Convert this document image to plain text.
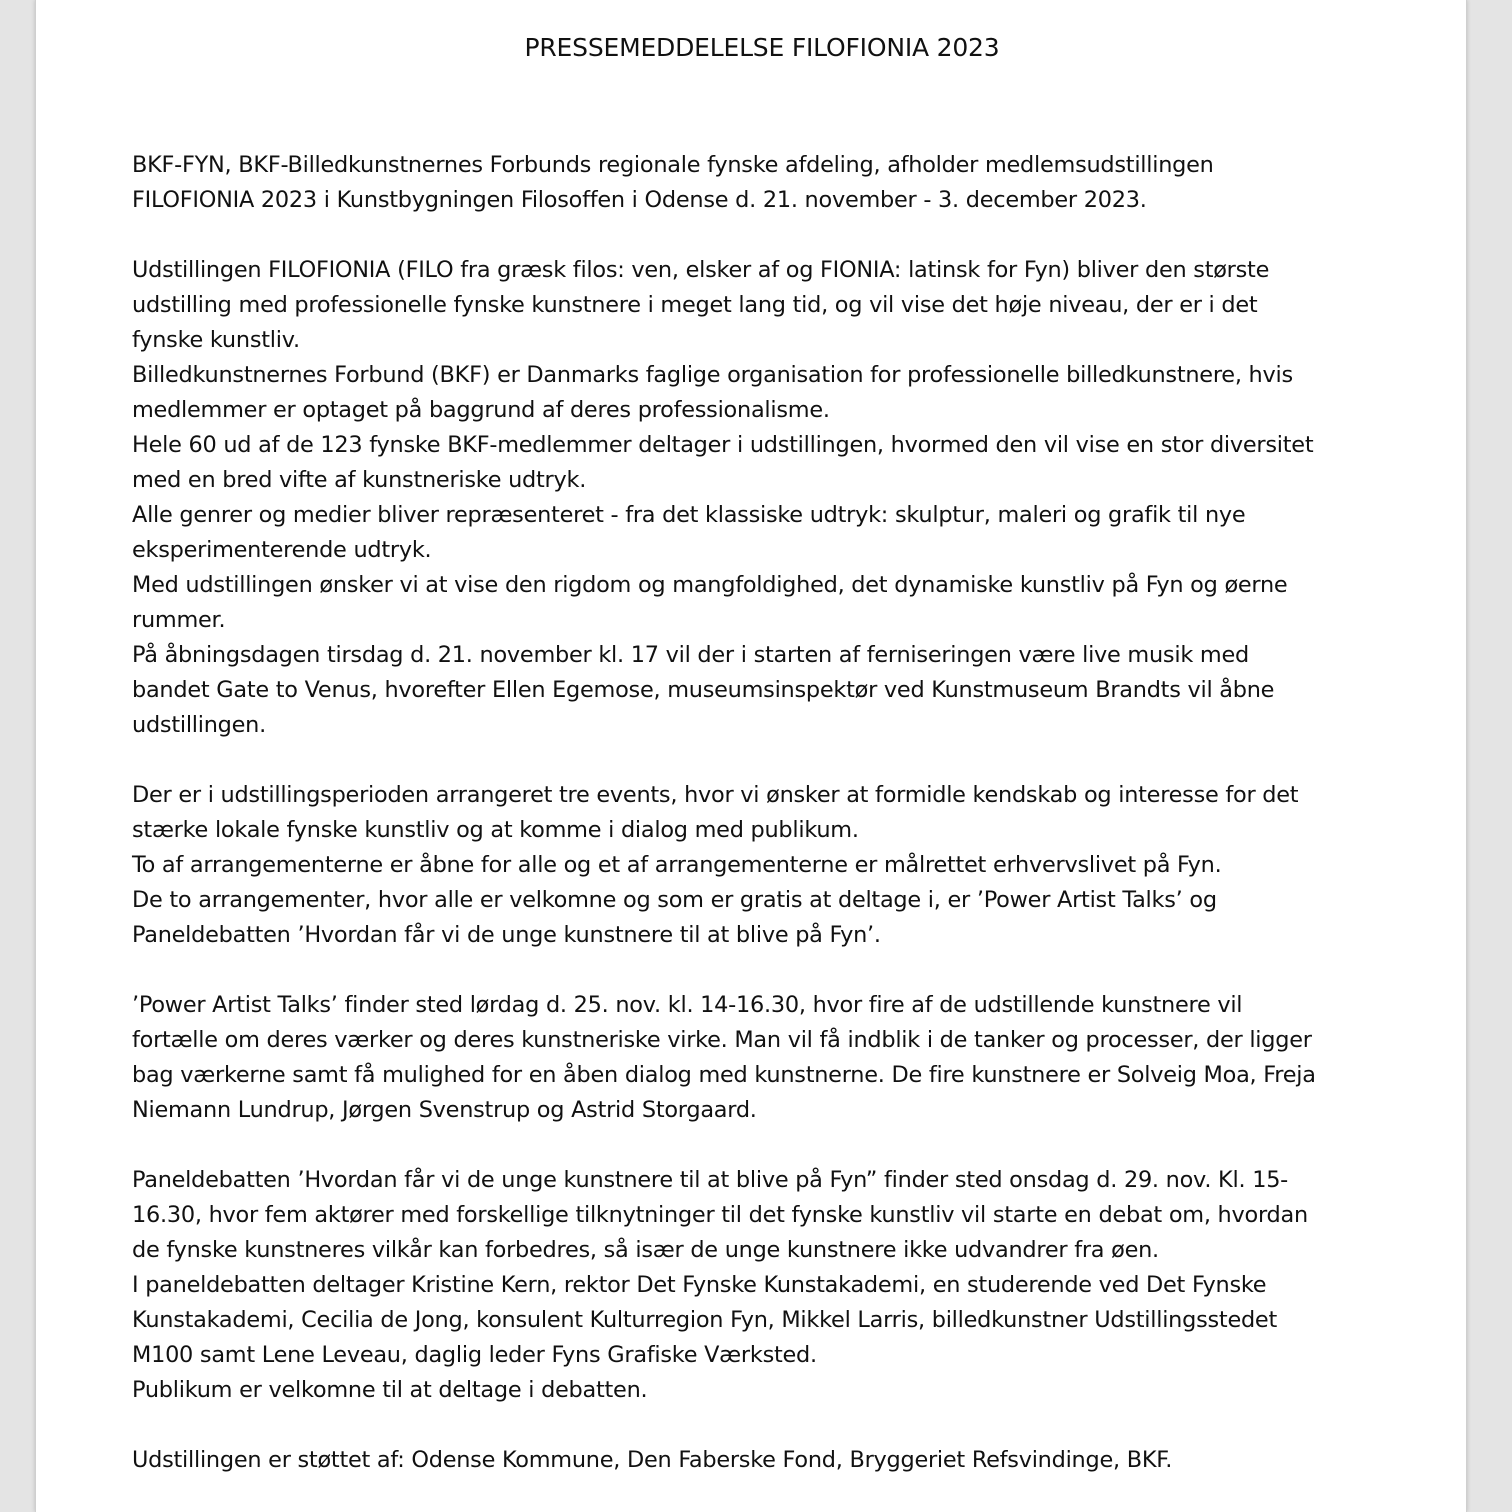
PRESSEMEDDELELSE FILOFIONIA 2023
BKF-FYN, BKF-Billedkunstnernes Forbunds regionale fynske afdeling, afholder medlemsudstillingen
FILOFIONIA 2023 i Kunstbygningen Filosoffen i Odense d. 21. november - 3. december 2023.
Udstillingen FILOFIONIA (FILO fra græsk filos: ven, elsker af og FIONIA: latinsk for Fyn) bliver den største
udstilling med professionelle fynske kunstnere i meget lang tid, og vil vise det høje niveau, der er i det
fynske kunstliv.
Billedkunstnernes Forbund (BKF) er Danmarks faglige organisation for professionelle billedkunstnere, hvis
medlemmer er optaget på baggrund af deres professionalisme.
Hele 60 ud af de 123 fynske BKF-medlemmer deltager i udstillingen, hvormed den vil vise en stor diversitet
med en bred vifte af kunstneriske udtryk.
Alle genrer og medier bliver repræsenteret - fra det klassiske udtryk: skulptur, maleri og grafik til nye
eksperimenterende udtryk.
Med udstillingen ønsker vi at vise den rigdom og mangfoldighed, det dynamiske kunstliv på Fyn og øerne
rummer.
På åbningsdagen tirsdag d. 21. november kl. 17 vil der i starten af ferniseringen være live musik med
bandet Gate to Venus, hvorefter Ellen Egemose, museumsinspektør ved Kunstmuseum Brandts vil åbne
udstillingen.
Der er i udstillingsperioden arrangeret tre events, hvor vi ønsker at formidle kendskab og interesse for det
stærke lokale fynske kunstliv og at komme i dialog med publikum.
To af arrangementerne er åbne for alle og et af arrangementerne er målrettet erhvervslivet på Fyn.
De to arrangementer, hvor alle er velkomne og som er gratis at deltage i, er ’Power Artist Talks’ og
Paneldebatten ’Hvordan får vi de unge kunstnere til at blive på Fyn’.
’Power Artist Talks’ finder sted lørdag d. 25. nov. kl. 14-16.30, hvor fire af de udstillende kunstnere vil
fortælle om deres værker og deres kunstneriske virke. Man vil få indblik i de tanker og processer, der ligger
bag værkerne samt få mulighed for en åben dialog med kunstnerne. De fire kunstnere er Solveig Moa, Freja
Niemann Lundrup, Jørgen Svenstrup og Astrid Storgaard.
Paneldebatten ’Hvordan får vi de unge kunstnere til at blive på Fyn” finder sted onsdag d. 29. nov. Kl. 15-
16.30, hvor fem aktører med forskellige tilknytninger til det fynske kunstliv vil starte en debat om, hvordan
de fynske kunstneres vilkår kan forbedres, så især de unge kunstnere ikke udvandrer fra øen.
I paneldebatten deltager Kristine Kern, rektor Det Fynske Kunstakademi, en studerende ved Det Fynske
Kunstakademi, Cecilia de Jong, konsulent Kulturregion Fyn, Mikkel Larris, billedkunstner Udstillingsstedet
M100 samt Lene Leveau, daglig leder Fyns Grafiske Værksted.
Publikum er velkomne til at deltage i debatten.
Udstillingen er støttet af: Odense Kommune, Den Faberske Fond, Bryggeriet Refsvindinge, BKF.
